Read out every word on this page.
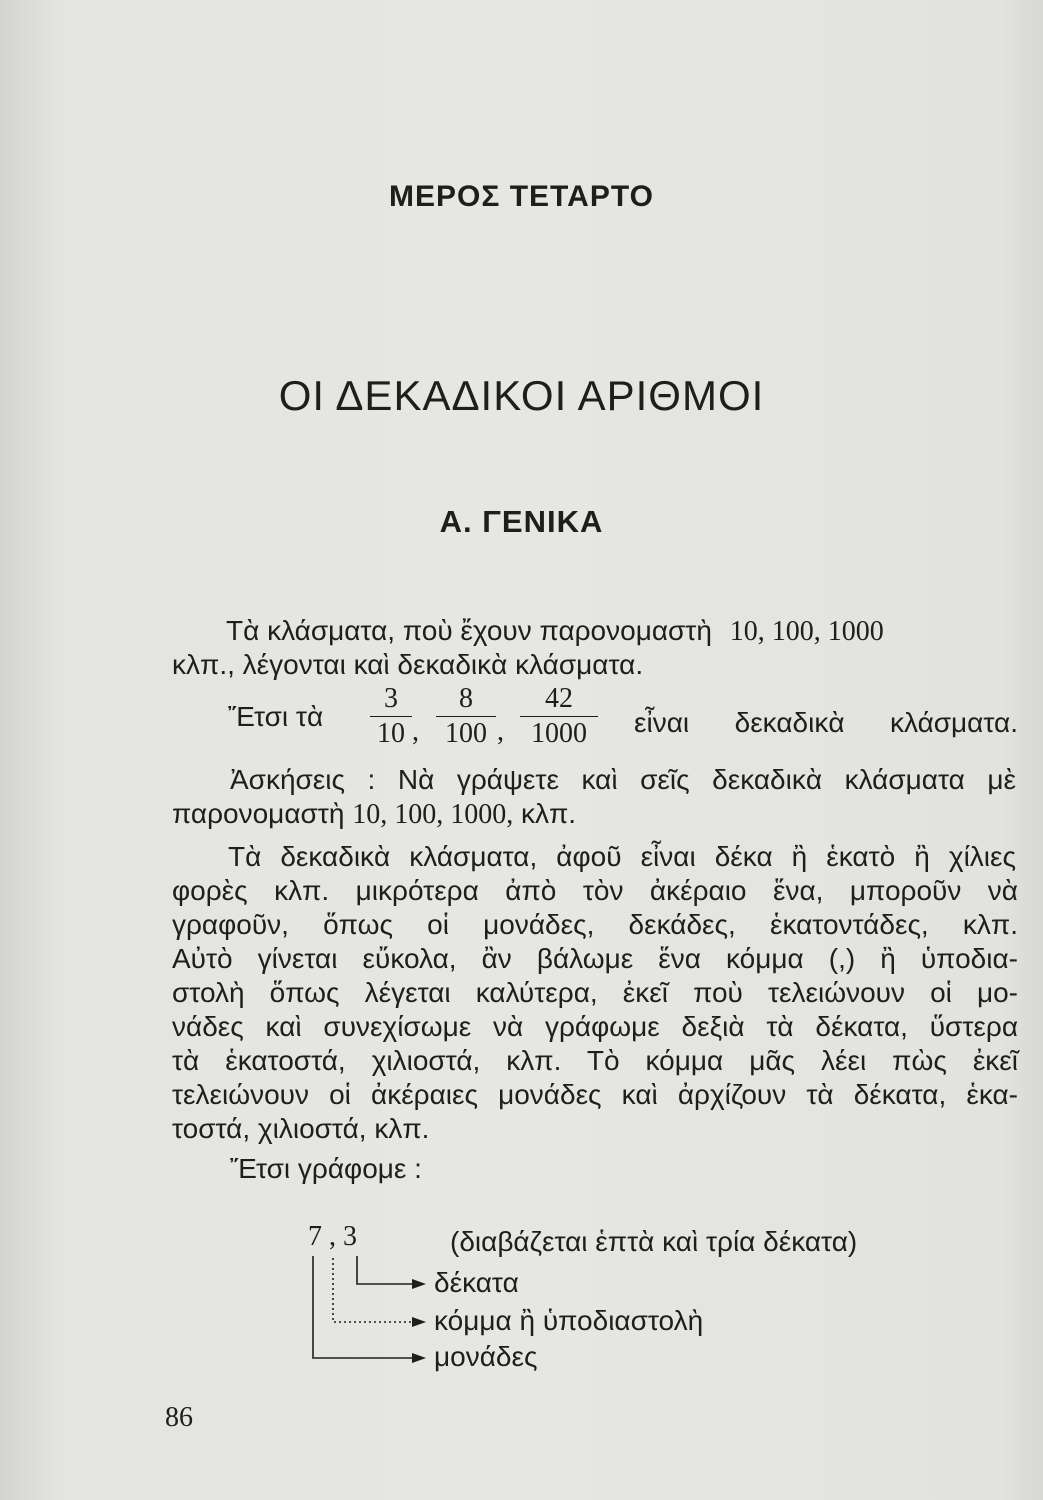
ΜΕΡΟΣ ΤΕΤΑΡΤΟ
ΟΙ ΔΕΚΑΔΙΚΟΙ ΑΡΙΘΜΟΙ
Α. ΓΕΝΙΚΑ
Τὰ κλάσματα, ποὺ ἔχουν παρονομαστὴ 10, 100, 1000
κλπ., λέγονται καὶ δεκαδικὰ κλάσματα.
Ἔτσι τὰ $\frac{3}{10}$ , $\frac{8}{100}$ , $\frac{42}{1000}$ εἶναι δεκαδικὰ κλάσματα.
Ἀσκήσεις : Νὰ γράψετε καὶ σεῖς δεκαδικὰ κλάσματα μὲ
παρονομαστὴ 10, 100, 1000, κλπ.
Τὰ δεκαδικὰ κλάσματα, ἀφοῦ εἶναι δέκα ἢ ἑκατὸ ἢ χίλιες
φορὲς κλπ. μικρότερα ἀπὸ τὸν ἀκέραιο ἕνα, μποροῦν νὰ
γραφοῦν, ὅπως οἱ μονάδες, δεκάδες, ἑκατοντάδες, κλπ.
Αὐτὸ γίνεται εὔκολα, ἂν βάλωμε ἕνα κόμμα (,) ἢ ὑποδια-
στολὴ ὅπως λέγεται καλύτερα, ἐκεῖ ποὺ τελειώνουν οἱ μο-
νάδες καὶ συνεχίσωμε νὰ γράφωμε δεξιὰ τὰ δέκατα, ὕστερα
τὰ ἑκατοστά, χιλιοστά, κλπ. Τὸ κόμμα μᾶς λέει πὼς ἐκεῖ
τελειώνουν οἱ ἀκέραιες μονάδες καὶ ἀρχίζουν τὰ δέκατα, ἑκα-
τοστά, χιλιοστά, κλπ.
Ἔτσι γράφομε :
7 , 3	(διαβάζεται ἑπτὰ καὶ τρία δέκατα)
δέκατα
κόμμα ἢ ὑποδιαστολὴ
μονάδες
86
